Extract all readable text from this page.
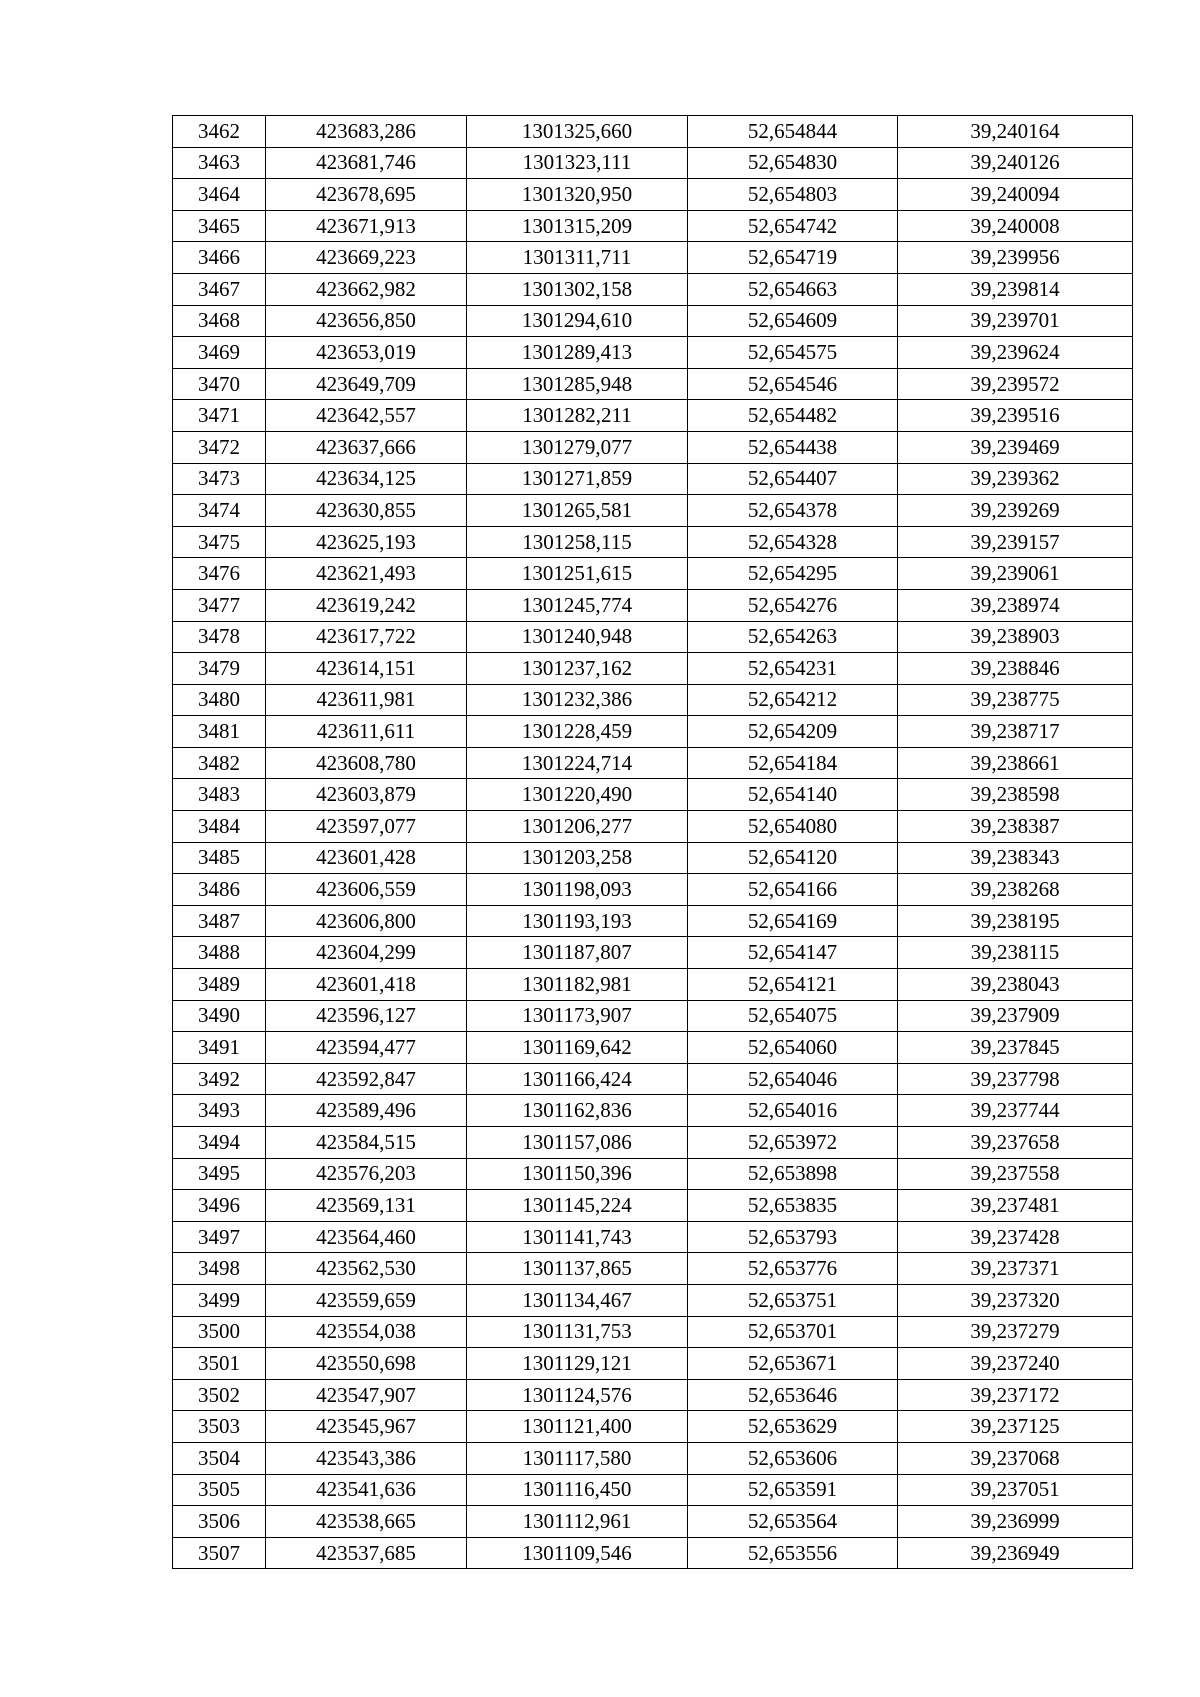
3462	423683,286	1301325,660	52,654844	39,240164
3463	423681,746	1301323,111	52,654830	39,240126
3464	423678,695	1301320,950	52,654803	39,240094
3465	423671,913	1301315,209	52,654742	39,240008
3466	423669,223	1301311,711	52,654719	39,239956
3467	423662,982	1301302,158	52,654663	39,239814
3468	423656,850	1301294,610	52,654609	39,239701
3469	423653,019	1301289,413	52,654575	39,239624
3470	423649,709	1301285,948	52,654546	39,239572
3471	423642,557	1301282,211	52,654482	39,239516
3472	423637,666	1301279,077	52,654438	39,239469
3473	423634,125	1301271,859	52,654407	39,239362
3474	423630,855	1301265,581	52,654378	39,239269
3475	423625,193	1301258,115	52,654328	39,239157
3476	423621,493	1301251,615	52,654295	39,239061
3477	423619,242	1301245,774	52,654276	39,238974
3478	423617,722	1301240,948	52,654263	39,238903
3479	423614,151	1301237,162	52,654231	39,238846
3480	423611,981	1301232,386	52,654212	39,238775
3481	423611,611	1301228,459	52,654209	39,238717
3482	423608,780	1301224,714	52,654184	39,238661
3483	423603,879	1301220,490	52,654140	39,238598
3484	423597,077	1301206,277	52,654080	39,238387
3485	423601,428	1301203,258	52,654120	39,238343
3486	423606,559	1301198,093	52,654166	39,238268
3487	423606,800	1301193,193	52,654169	39,238195
3488	423604,299	1301187,807	52,654147	39,238115
3489	423601,418	1301182,981	52,654121	39,238043
3490	423596,127	1301173,907	52,654075	39,237909
3491	423594,477	1301169,642	52,654060	39,237845
3492	423592,847	1301166,424	52,654046	39,237798
3493	423589,496	1301162,836	52,654016	39,237744
3494	423584,515	1301157,086	52,653972	39,237658
3495	423576,203	1301150,396	52,653898	39,237558
3496	423569,131	1301145,224	52,653835	39,237481
3497	423564,460	1301141,743	52,653793	39,237428
3498	423562,530	1301137,865	52,653776	39,237371
3499	423559,659	1301134,467	52,653751	39,237320
3500	423554,038	1301131,753	52,653701	39,237279
3501	423550,698	1301129,121	52,653671	39,237240
3502	423547,907	1301124,576	52,653646	39,237172
3503	423545,967	1301121,400	52,653629	39,237125
3504	423543,386	1301117,580	52,653606	39,237068
3505	423541,636	1301116,450	52,653591	39,237051
3506	423538,665	1301112,961	52,653564	39,236999
3507	423537,685	1301109,546	52,653556	39,236949
